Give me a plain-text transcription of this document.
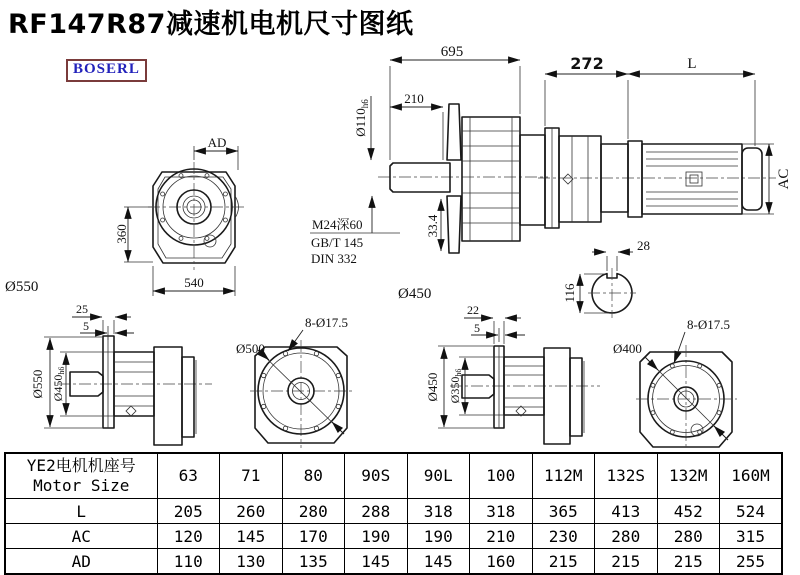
RF147R87减速机电机尺寸图纸
BOSERL
AD
360
540
Ø550
695
210
$Ø110_{h6}$
M24深60
GB/T 145
DIN 332
33.4
Ø450
272	L
AC
28
116
25
5
Ø550 Ø450h6
Ø500
8-Ø17.5
22
5
Ø450 Ø350h6
Ø400
8-Ø17.5
YE2电机机座号
Motor Size	63	71	80	90S	90L	100	112M	132S	132M	160M
L	205	260	280	288	318	318	365	413	452	524
AC	120	145	170	190	190	210	230	280	280	315
AD	110	130	135	145	145	160	215	215	215	255
